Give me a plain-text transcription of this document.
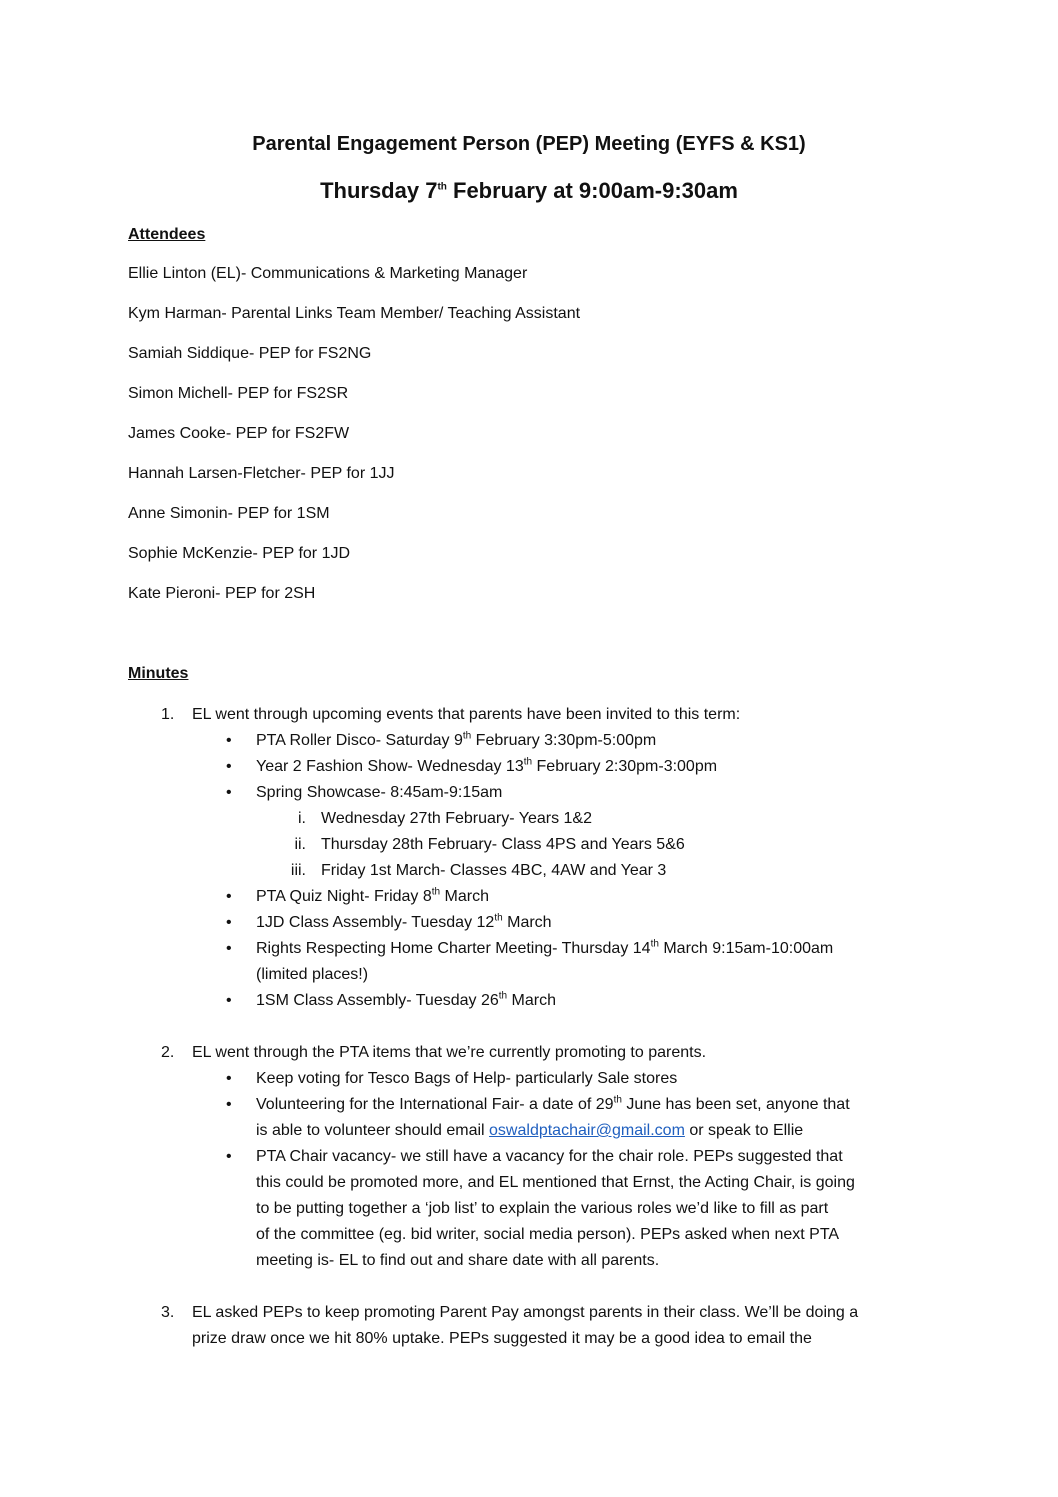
Parental Engagement Person (PEP) Meeting (EYFS & KS1)
Thursday 7th February at 9:00am-9:30am
Attendees
Ellie Linton (EL)- Communications & Marketing Manager
Kym Harman- Parental Links Team Member/ Teaching Assistant
Samiah Siddique- PEP for FS2NG
Simon Michell- PEP for FS2SR
James Cooke- PEP for FS2FW
Hannah Larsen-Fletcher- PEP for 1JJ
Anne Simonin- PEP for 1SM
Sophie McKenzie- PEP for 1JD
Kate Pieroni- PEP for 2SH
Minutes
1. EL went through upcoming events that parents have been invited to this term:
• PTA Roller Disco- Saturday 9th February 3:30pm-5:00pm
• Year 2 Fashion Show- Wednesday 13th February 2:30pm-3:00pm
• Spring Showcase- 8:45am-9:15am
i. Wednesday 27th February- Years 1&2
ii. Thursday 28th February- Class 4PS and Years 5&6
iii. Friday 1st March- Classes 4BC, 4AW and Year 3
• PTA Quiz Night- Friday 8th March
• 1JD Class Assembly- Tuesday 12th March
• Rights Respecting Home Charter Meeting- Thursday 14th March 9:15am-10:00am
(limited places!)
• 1SM Class Assembly- Tuesday 26th March
2. EL went through the PTA items that we’re currently promoting to parents.
• Keep voting for Tesco Bags of Help- particularly Sale stores
• Volunteering for the International Fair- a date of 29th June has been set, anyone that
is able to volunteer should email oswaldptachair@gmail.com or speak to Ellie
• PTA Chair vacancy- we still have a vacancy for the chair role. PEPs suggested that
this could be promoted more, and EL mentioned that Ernst, the Acting Chair, is going
to be putting together a ‘job list’ to explain the various roles we’d like to fill as part
of the committee (eg. bid writer, social media person). PEPs asked when next PTA
meeting is- EL to find out and share date with all parents.
3. EL asked PEPs to keep promoting Parent Pay amongst parents in their class. We’ll be doing a
prize draw once we hit 80% uptake. PEPs suggested it may be a good idea to email the
